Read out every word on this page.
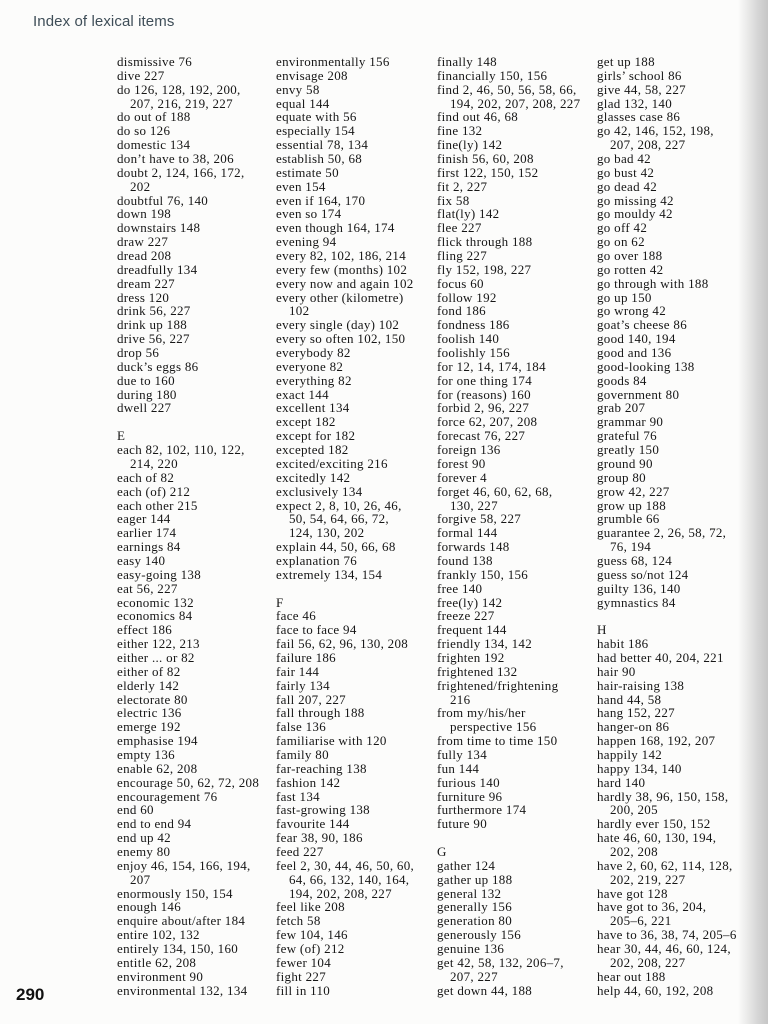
Index of lexical items
dismissive 76
dive 227
do 126, 128, 192, 200,
207, 216, 219, 227
do out of 188
do so 126
domestic 134
don’t have to 38, 206
doubt 2, 124, 166, 172,
202
doubtful 76, 140
down 198
downstairs 148
draw 227
dread 208
dreadfully 134
dream 227
dress 120
drink 56, 227
drink up 188
drive 56, 227
drop 56
duck’s eggs 86
due to 160
during 180
dwell 227
E
each 82, 102, 110, 122,
214, 220
each of 82
each (of) 212
each other 215
eager 144
earlier 174
earnings 84
easy 140
easy-going 138
eat 56, 227
economic 132
economics 84
effect 186
either 122, 213
either ... or 82
either of 82
elderly 142
electorate 80
electric 136
emerge 192
emphasise 194
empty 136
enable 62, 208
encourage 50, 62, 72, 208
encouragement 76
end 60
end to end 94
end up 42
enemy 80
enjoy 46, 154, 166, 194,
207
enormously 150, 154
enough 146
enquire about/after 184
entire 102, 132
entirely 134, 150, 160
entitle 62, 208
environment 90
environmental 132, 134
environmentally 156
envisage 208
envy 58
equal 144
equate with 56
especially 154
essential 78, 134
establish 50, 68
estimate 50
even 154
even if 164, 170
even so 174
even though 164, 174
evening 94
every 82, 102, 186, 214
every few (months) 102
every now and again 102
every other (kilometre)
102
every single (day) 102
every so often 102, 150
everybody 82
everyone 82
everything 82
exact 144
excellent 134
except 182
except for 182
excepted 182
excited/exciting 216
excitedly 142
exclusively 134
expect 2, 8, 10, 26, 46,
50, 54, 64, 66, 72,
124, 130, 202
explain 44, 50, 66, 68
explanation 76
extremely 134, 154
F
face 46
face to face 94
fail 56, 62, 96, 130, 208
failure 186
fair 144
fairly 134
fall 207, 227
fall through 188
false 136
familiarise with 120
family 80
far-reaching 138
fashion 142
fast 134
fast-growing 138
favourite 144
fear 38, 90, 186
feed 227
feel 2, 30, 44, 46, 50, 60,
64, 66, 132, 140, 164,
194, 202, 208, 227
feel like 208
fetch 58
few 104, 146
few (of) 212
fewer 104
fight 227
fill in 110
finally 148
financially 150, 156
find 2, 46, 50, 56, 58, 66,
194, 202, 207, 208, 227
find out 46, 68
fine 132
fine(ly) 142
finish 56, 60, 208
first 122, 150, 152
fit 2, 227
fix 58
flat(ly) 142
flee 227
flick through 188
fling 227
fly 152, 198, 227
focus 60
follow 192
fond 186
fondness 186
foolish 140
foolishly 156
for 12, 14, 174, 184
for one thing 174
for (reasons) 160
forbid 2, 96, 227
force 62, 207, 208
forecast 76, 227
foreign 136
forest 90
forever 4
forget 46, 60, 62, 68,
130, 227
forgive 58, 227
formal 144
forwards 148
found 138
frankly 150, 156
free 140
free(ly) 142
freeze 227
frequent 144
friendly 134, 142
frighten 192
frightened 132
frightened/frightening
216
from my/his/her
perspective 156
from time to time 150
fully 134
fun 144
furious 140
furniture 96
furthermore 174
future 90
G
gather 124
gather up 188
general 132
generally 156
generation 80
generously 156
genuine 136
get 42, 58, 132, 206–7,
207, 227
get down 44, 188
get up 188
girls’ school 86
give 44, 58, 227
glad 132, 140
glasses case 86
go 42, 146, 152, 198,
207, 208, 227
go bad 42
go bust 42
go dead 42
go missing 42
go mouldy 42
go off 42
go on 62
go over 188
go rotten 42
go through with 188
go up 150
go wrong 42
goat’s cheese 86
good 140, 194
good and 136
good-looking 138
goods 84
government 80
grab 207
grammar 90
grateful 76
greatly 150
ground 90
group 80
grow 42, 227
grow up 188
grumble 66
guarantee 2, 26, 58, 72,
76, 194
guess 68, 124
guess so/not 124
guilty 136, 140
gymnastics 84
H
habit 186
had better 40, 204, 221
hair 90
hair-raising 138
hand 44, 58
hang 152, 227
hanger-on 86
happen 168, 192, 207
happily 142
happy 134, 140
hard 140
hardly 38, 96, 150, 158,
200, 205
hardly ever 150, 152
hate 46, 60, 130, 194,
202, 208
have 2, 60, 62, 114, 128,
202, 219, 227
have got 128
have got to 36, 204,
205–6, 221
have to 36, 38, 74, 205–6
hear 30, 44, 46, 60, 124,
202, 208, 227
hear out 188
help 44, 60, 192, 208
290
